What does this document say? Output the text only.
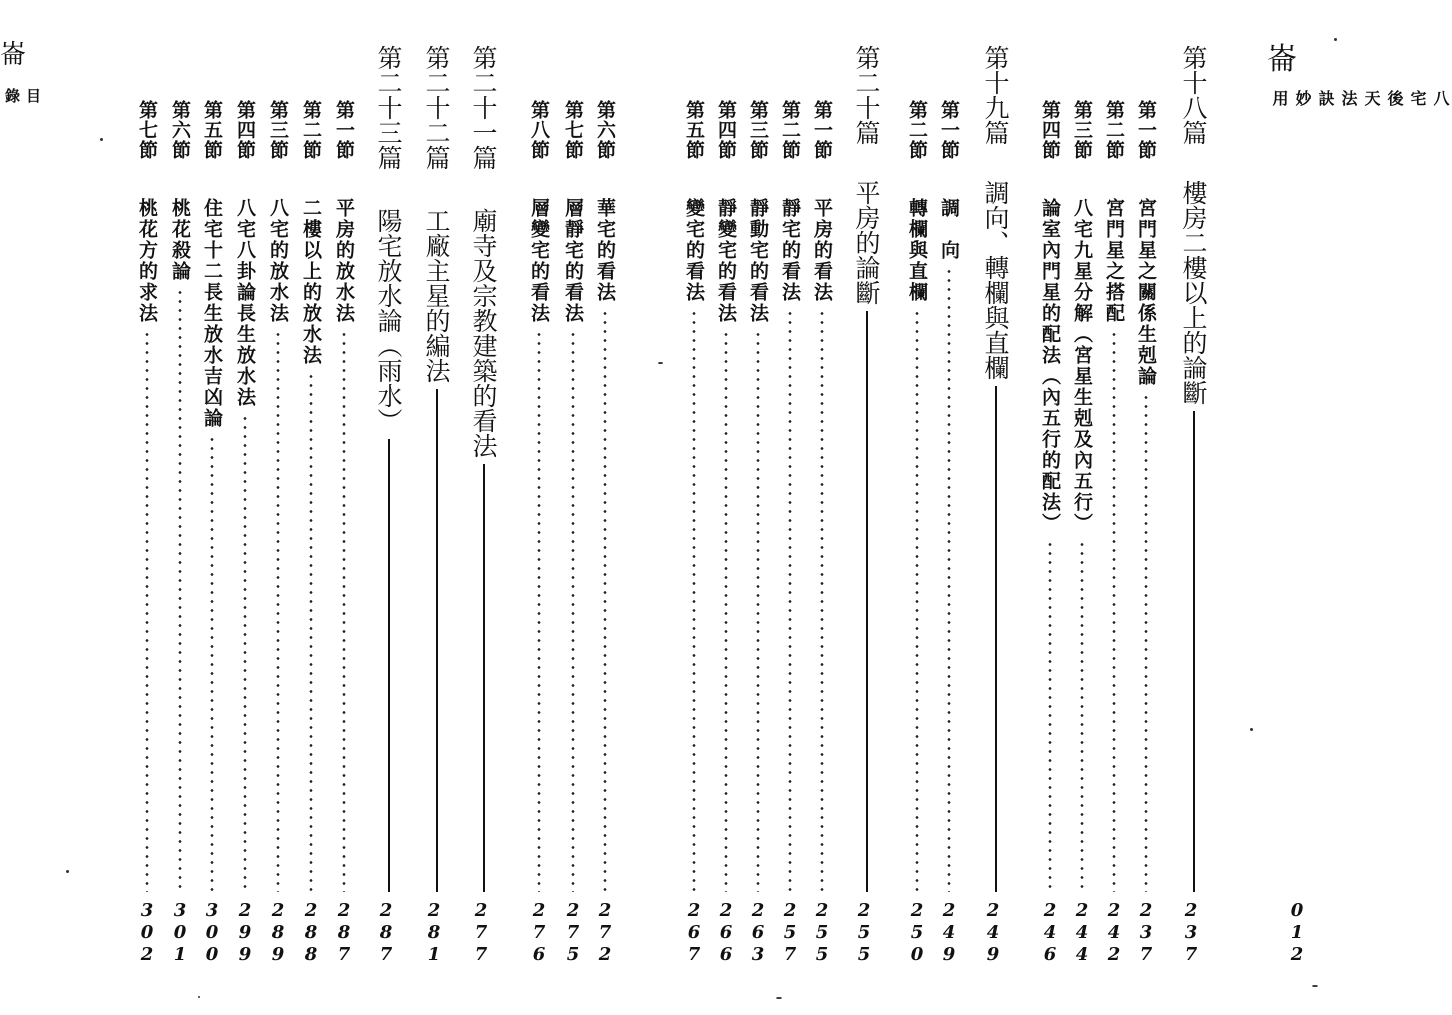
崙
八宅後天法訣妙用
0
1
2
崙
目錄	第十八篇
樓房二樓以上的論斷
2
3
7
第一節
宮門星之關係生剋論
2
3
7
第二節
宮門星之搭配
2
4
2
第三節
八宅九星分解（宮星生剋及內五行）
2
4
4
第四節
論室內門星的配法（內五行的配法）
2
4
6
第十九篇
調向、轉欄與直欄
2
4
9
第一節
調　向
2
4
9
第二節
轉欄與直欄
2
5
0
第二十篇
平房的論斷
2
5
5
第一節
平房的看法
2
5
5
第二節
靜宅的看法
2
5
7
第三節
靜動宅的看法
2
6
3
第四節
靜變宅的看法
2
6
6
第五節
變宅的看法
2
6
7
第六節
華宅的看法
2
7
2
第七節
層靜宅的看法
2
7
5
第八節
層變宅的看法
2
7
6
第二十一篇
廟寺及宗教建築的看法
2
7
7
第二十二篇
工廠主星的編法
2
8
1
第二十三篇
陽宅放水論（雨水）
2
8
7
第一節
平房的放水法
2
8
7
第二節
二樓以上的放水法
2
8
8
第三節
八宅的放水法
2
8
9
第四節
八宅八卦論長生放水法
2
9
9
第五節
住宅十二長生放水吉凶論
3
0
0
第六節
桃花殺論
3
0
1
第七節
桃花方的求法
3
0
2
